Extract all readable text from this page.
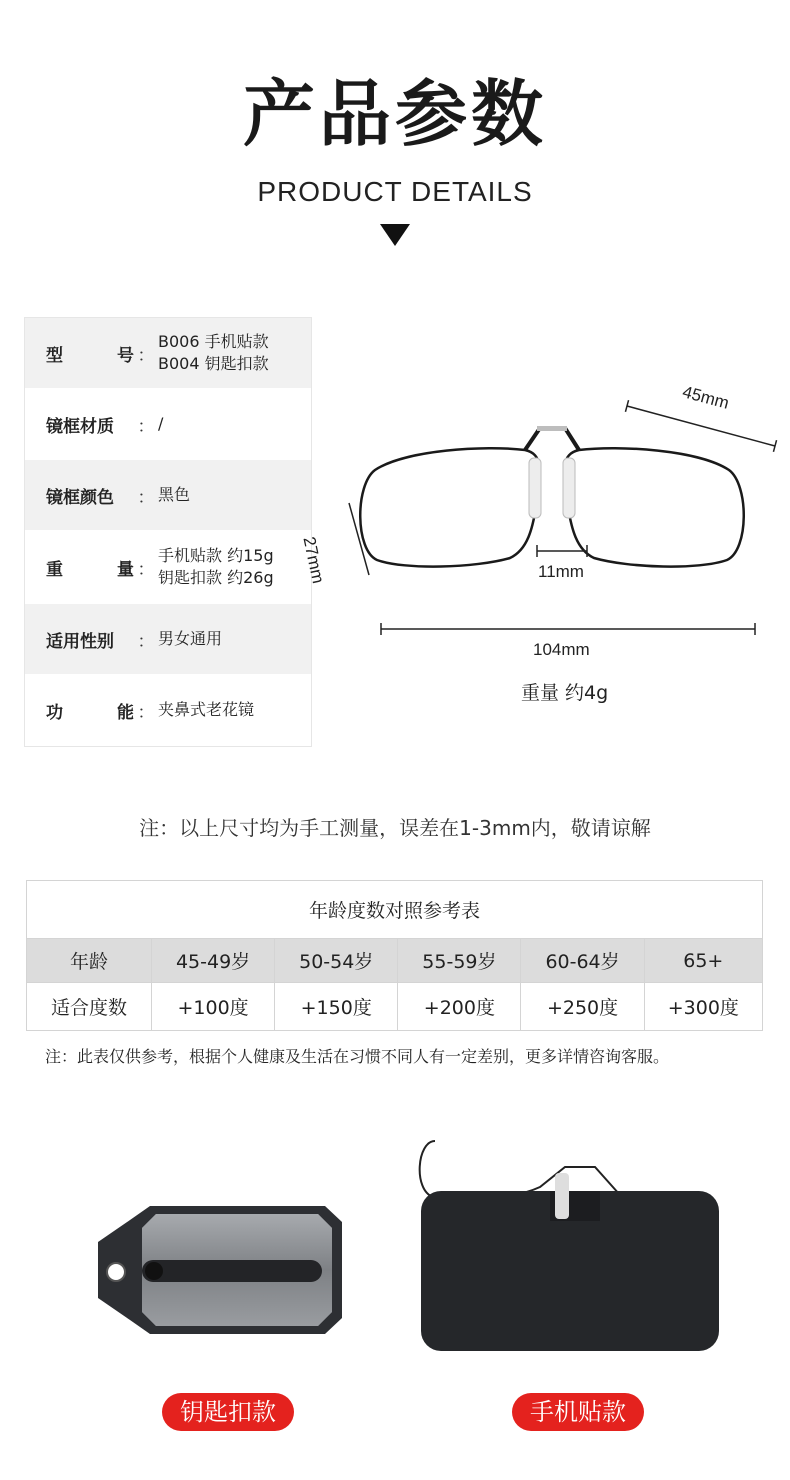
产品参数
PRODUCT DETAILS
型	号 ：
B006 手机贴款
B004 钥匙扣款
镜框材质 ： /
镜框颜色 ： 黑色
重	量 ：
手机贴款 约15g
钥匙扣款 约26g
适用性别 ： 男女通用
功	能 ： 夹鼻式老花镜
45mm
27mm	11mm
104mm
重量 约4g
注：以上尺寸均为手工测量，误差在1-3mm内，敬请谅解
年龄度数对照参考表					
年龄	45-49岁	50-54岁	55-59岁	60-64岁	65+
适合度数	+100度	+150度	+200度	+250度	+300度
注：此表仅供参考，根据个人健康及生活在习惯不同人有一定差别，更多详情咨询客服。
钥匙扣款	手机贴款
